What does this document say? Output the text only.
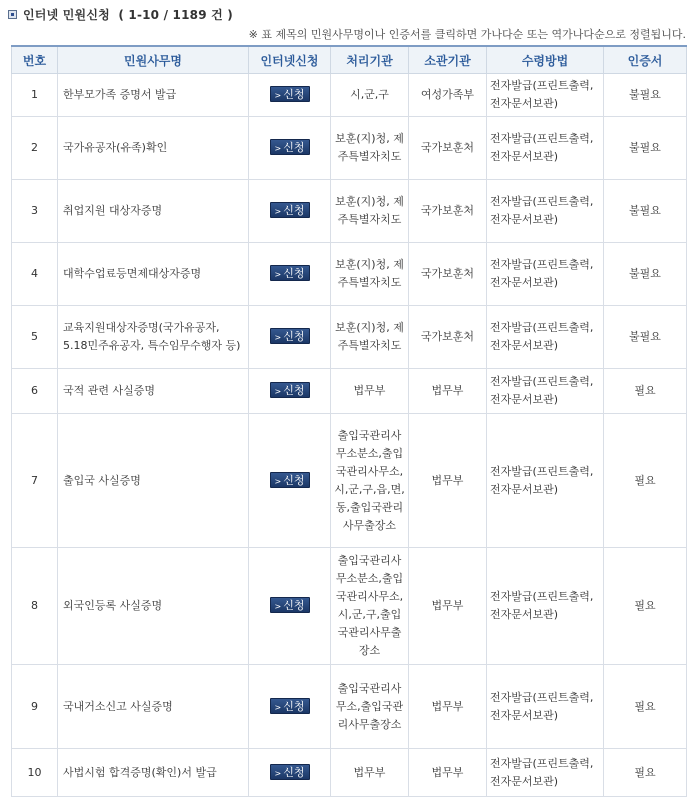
인터넷 민원신청 ( 1-10 / 1189 건 )
※ 표 제목의 민원사무명이나 인증서를 클릭하면 가나다순 또는 역가나다순으로 정렬됩니다.
번호	민원사무명	인터넷신청	처리기관	소관기관	수령방법	인증서
1	한부모가족 증명서 발급	> 신청	시,군,구	여성가족부	전자발급(프린트출력, 전자문서보관)	불필요
2	국가유공자(유족)확인	> 신청	보훈(지)청, 제주특별자치도	국가보훈처	전자발급(프린트출력, 전자문서보관)	불필요
3	취업지원 대상자증명	> 신청	보훈(지)청, 제주특별자치도	국가보훈처	전자발급(프린트출력, 전자문서보관)	불필요
4	대학수업료등면제대상자증명	> 신청	보훈(지)청, 제주특별자치도	국가보훈처	전자발급(프린트출력, 전자문서보관)	불필요
5	교육지원대상자증명(국가유공자, 5.18민주유공자, 특수임무수행자 등)	> 신청	보훈(지)청, 제주특별자치도	국가보훈처	전자발급(프린트출력, 전자문서보관)	불필요
6	국적 관련 사실증명	> 신청	법무부	법무부	전자발급(프린트출력, 전자문서보관)	필요
7	출입국 사실증명	> 신청	출입국관리사무소분소,출입국관리사무소,시,군,구,읍,면,동,출입국관리사무출장소	법무부	전자발급(프린트출력, 전자문서보관)	필요
8	외국인등록 사실증명	> 신청	출입국관리사무소분소,출입국관리사무소,시,군,구,출입국관리사무출장소	법무부	전자발급(프린트출력, 전자문서보관)	필요
9	국내거소신고 사실증명	> 신청	출입국관리사무소,출입국관리사무출장소	법무부	전자발급(프린트출력, 전자문서보관)	필요
10	사법시험 합격증명(확인)서 발급	> 신청	법무부	법무부	전자발급(프린트출력, 전자문서보관)	필요
